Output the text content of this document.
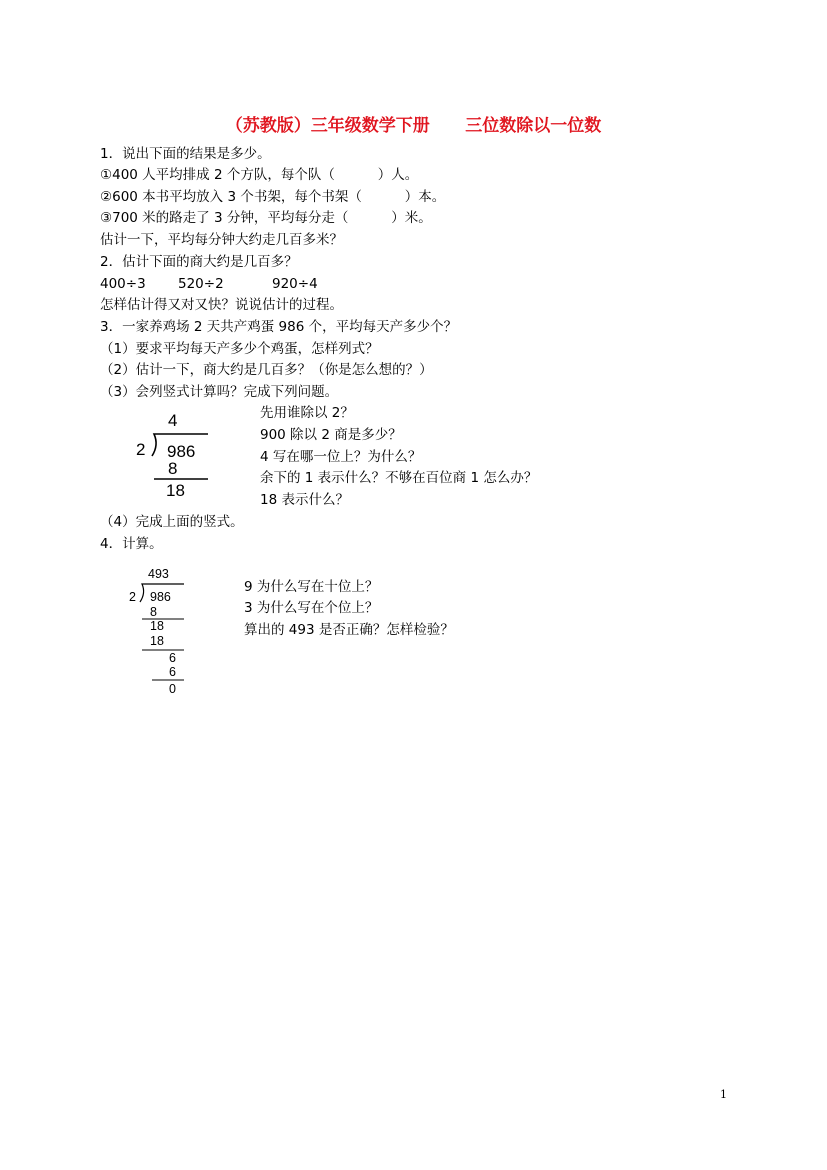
（苏教版）三年级数学下册      三位数除以一位数
1．说出下面的结果是多少。
①400 人平均排成 2 个方队，每个队（          ）人。
②600 本书平均放入 3 个书架，每个书架（          ）本。
③700 米的路走了 3 分钟，平均每分走（          ）米。
估计一下，平均每分钟大约走几百多米？
2．估计下面的商大约是几百多？
400÷3 520÷2	920÷4
怎样估计得又对又快？说说估计的过程。
3．一家养鸡场 2 天共产鸡蛋 986 个，平均每天产多少个？
（1）要求平均每天产多少个鸡蛋，怎样列式？
（2）估计一下，商大约是几百多？（你是怎么想的？）
（3）会列竖式计算吗？完成下列问题。
4
2 986
8
18
先用谁除以 2？
900 除以 2 商是多少？
4 写在哪一位上？为什么？
余下的 1 表示什么？不够在百位商 1 怎么办？
18 表示什么？
（4）完成上面的竖式。
4．计算。
493
2 986
8
18
18
6
6
0
9 为什么写在十位上？
3 为什么写在个位上？
算出的 493 是否正确？怎样检验？
1
